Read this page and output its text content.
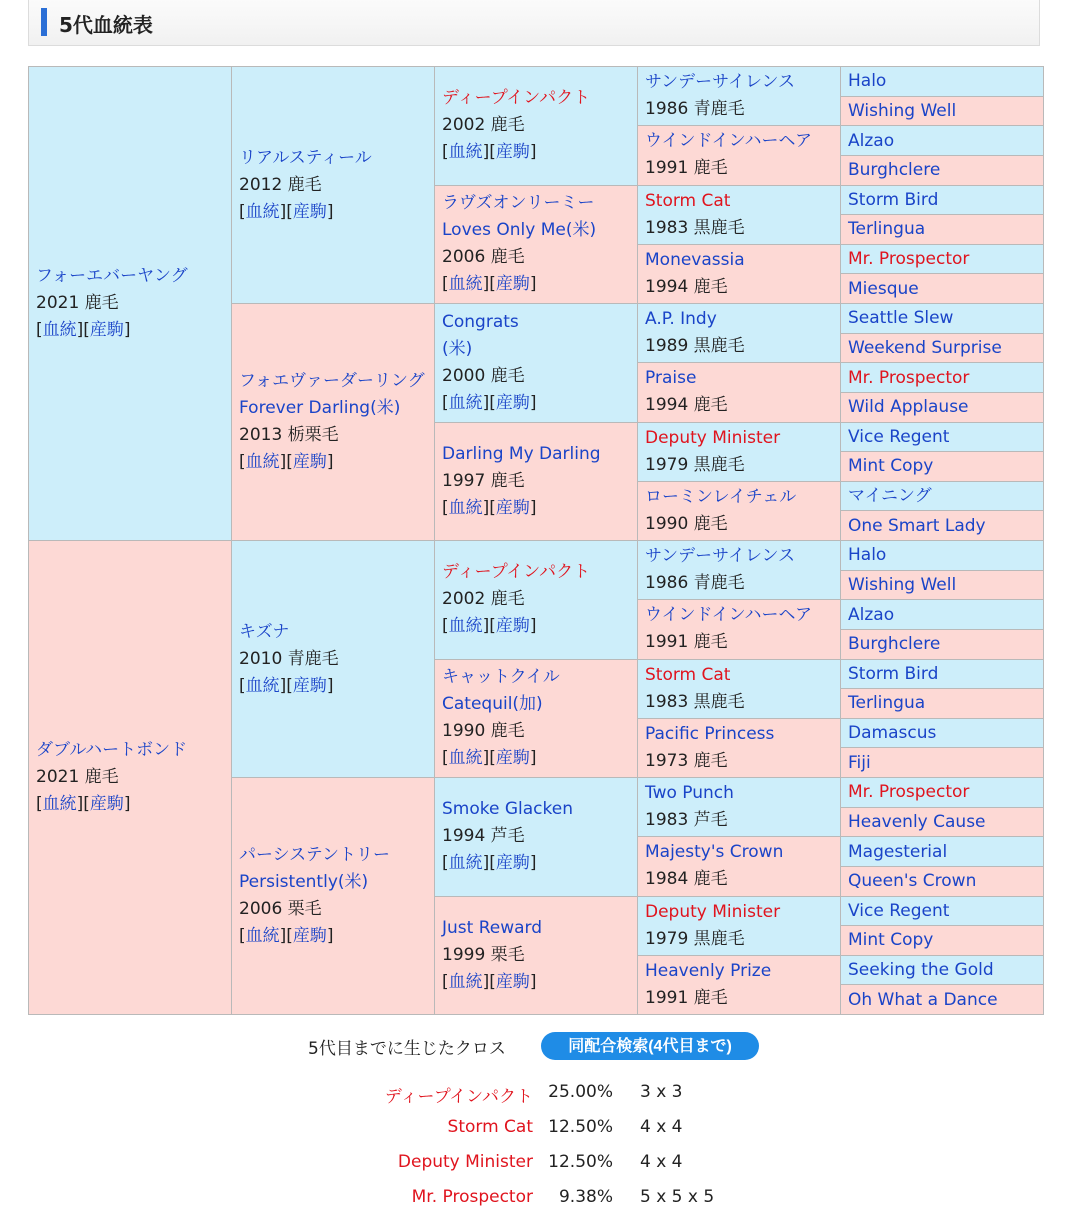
5代血統表
フォーエバーヤング
2021 鹿毛
[血統][産駒]
ダブルハートボンド
2021 鹿毛
[血統][産駒]
リアルスティール
2012 鹿毛
[血統][産駒]
フォエヴァーダーリング
Forever Darling(米)
2013 栃栗毛
[血統][産駒]
キズナ
2010 青鹿毛
[血統][産駒]
パーシステントリー
Persistently(米)
2006 栗毛
[血統][産駒]
ディープインパクト
2002 鹿毛
[血統][産駒]
ラヴズオンリーミー
Loves Only Me(米)
2006 鹿毛
[血統][産駒]
Congrats
(米)
2000 鹿毛
[血統][産駒]
Darling My Darling
1997 鹿毛
[血統][産駒]
ディープインパクト
2002 鹿毛
[血統][産駒]
キャットクイル
Catequil(加)
1990 鹿毛
[血統][産駒]
Smoke Glacken
1994 芦毛
[血統][産駒]
Just Reward
1999 栗毛
[血統][産駒]
サンデーサイレンス
1986 青鹿毛
ウインドインハーヘア
1991 鹿毛
Storm Cat
1983 黒鹿毛
Monevassia
1994 鹿毛
A.P. Indy
1989 黒鹿毛
Praise
1994 鹿毛
Deputy Minister
1979 黒鹿毛
ローミンレイチェル
1990 鹿毛
サンデーサイレンス
1986 青鹿毛
ウインドインハーヘア
1991 鹿毛
Storm Cat
1983 黒鹿毛
Pacific Princess
1973 鹿毛
Two Punch
1983 芦毛
Majesty's Crown
1984 鹿毛
Deputy Minister
1979 黒鹿毛
Heavenly Prize
1991 鹿毛
Halo
Wishing Well
Alzao
Burghclere
Storm Bird
Terlingua
Mr. Prospector
Miesque
Seattle Slew
Weekend Surprise
Mr. Prospector
Wild Applause
Vice Regent
Mint Copy
マイニング
One Smart Lady
Halo
Wishing Well
Alzao
Burghclere
Storm Bird
Terlingua
Damascus
Fiji
Mr. Prospector
Heavenly Cause
Magesterial
Queen's Crown
Vice Regent
Mint Copy
Seeking the Gold
Oh What a Dance
5代目までに生じたクロス	同配合検索(4代目まで)
ディープインパクト 25.00% 3 x 3
Storm Cat 12.50% 4 x 4
Deputy Minister 12.50% 4 x 4
Mr. Prospector	9.38% 5 x 5 x 5
